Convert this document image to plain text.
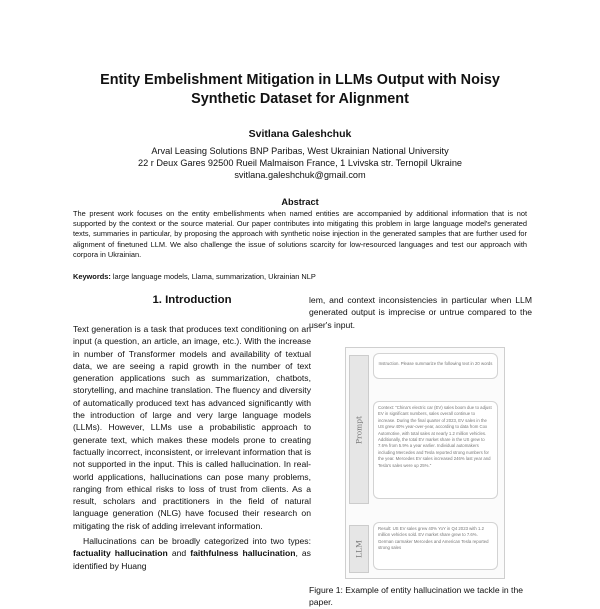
Entity Embelishment Mitigation in LLMs Output with Noisy
Synthetic Dataset for Alignment
Svitlana Galeshchuk
Arval Leasing Solutions BNP Paribas, West Ukrainian National University
22 r Deux Gares 92500 Rueil Malmaison France, 1 Lvivska str. Ternopil Ukraine
svitlana.galeshchuk@gmail.com
Abstract
The present work focuses on the entity embellishments when named entities are accompanied by additional information that is not supported by the context or the source material. Our paper contributes into mitigating this problem in large language model's generated texts, summaries in particular, by proposing the approach with synthetic noise injection in the generated samples that are further used for alignment of finetuned LLM. We also challenge the issue of solutions scarcity for low-resourced languages and test our approach with corpora in Ukrainian.
Keywords: large language models, Llama, summarization, Ukrainian NLP
1. Introduction

Text generation is a task that produces text conditioning on an input (a question, an article, an image, etc.). With the increase in number of Transformer models and availability of textual data, we are seeing a rapid growth in the number of text generation applications such as summarization, chatbots, storytelling, and machine translation. The fluency and diversity of automatically produced text has advanced significantly with the introduction of large and very large language models (LLMs). However, LLMs use a probabilistic approach to generate text, which makes these models prone to creating factually incorrect, inconsistent, or irrelevant information that is not supported in the input. This is called hallucination. In real-world applications, hallucinations can pose many problems, ranging from ethical risks to loss of trust from clients. As a result, scholars and practitioners in the field of natural language generation (NLG) have focused their research on mitigating the risk of adding irrelevant information.

Hallucinations can be broadly categorized into two types: factuality hallucination and faithfulness hallucination, as identified by Huang

lem, and context inconsistencies in particular when LLM generated output is imprecise or untrue compared to the user's input.

Prompt
LLM
Instruction. Please summarize the following text in 20 words
Context: "China's electric car (EV) sales boom due to adjust EV in significant numbers, sales overall continue to increase. During the final quarter of 2023, EV sales in the US grew 40% year-over-year, according to data from Cox Automotive, with total sales at nearly 1.2 million vehicles. Additionally, the total EV market share in the US grew to 7.6% from 5.9% a year earlier. Individual automakers including Mercedes and Tesla reported strong numbers for the year. Mercedes EV sales increased 246% last year and Tesla's sales were up 25%."
Result: US EV sales grew 40% YoY in Q4 2023 with 1.2 million vehicles sold. EV market share grew to 7.6%. German carmaker Mercedes and American Tesla reported strong sales
Figure 1: Example of entity hallucination we tackle in the paper.
